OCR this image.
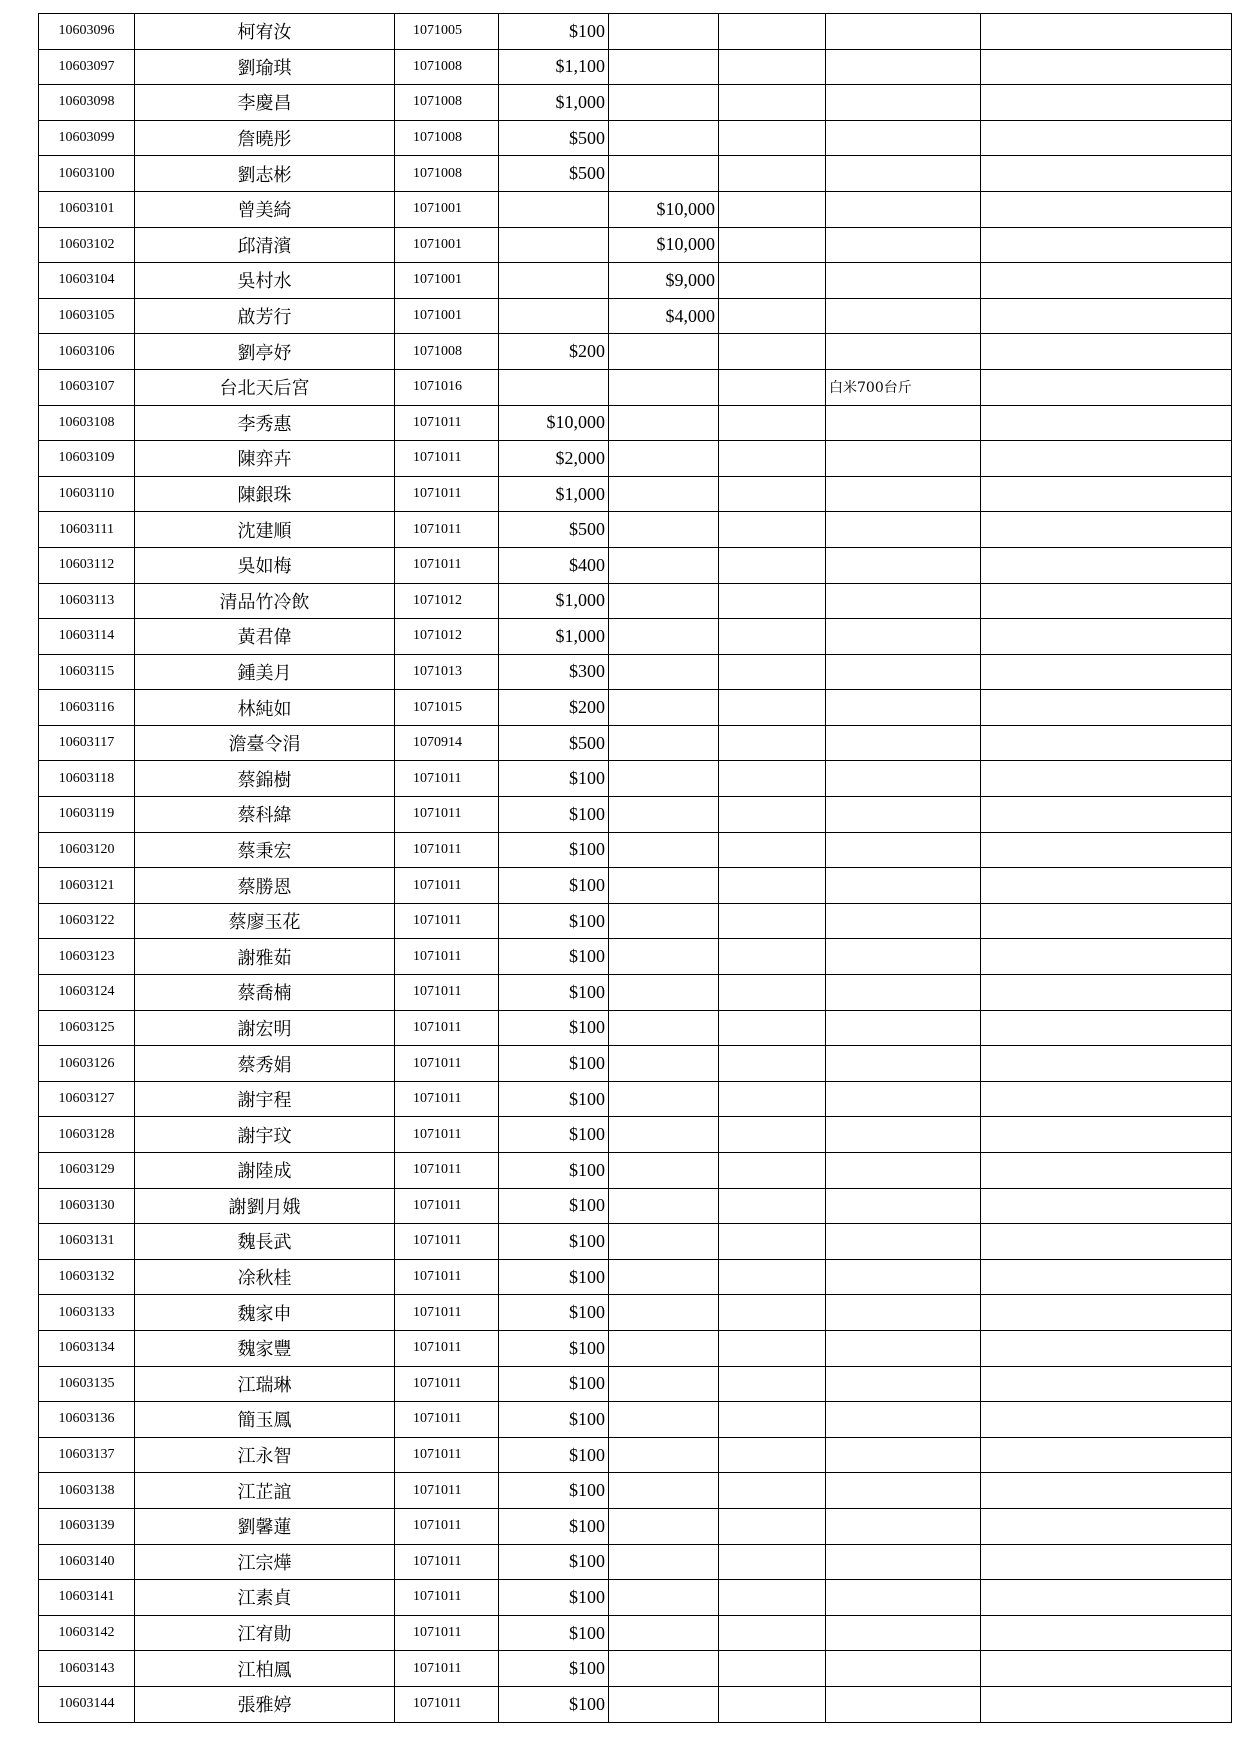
10603096	柯宥汝	1071005	$100				
10603097	劉瑜琪	1071008	$1,100				
10603098	李慶昌	1071008	$1,000				
10603099	詹曉彤	1071008	$500				
10603100	劉志彬	1071008	$500				
10603101	曾美綺	1071001		$10,000			
10603102	邱清濱	1071001		$10,000			
10603104	吳村水	1071001		$9,000			
10603105	啟芳行	1071001		$4,000			
10603106	劉亭妤	1071008	$200				
10603107	台北天后宮	1071016				白米700台斤	
10603108	李秀惠	1071011	$10,000				
10603109	陳弈卉	1071011	$2,000				
10603110	陳銀珠	1071011	$1,000				
10603111	沈建順	1071011	$500				
10603112	吳如梅	1071011	$400				
10603113	清品竹冷飲	1071012	$1,000				
10603114	黃君偉	1071012	$1,000				
10603115	鍾美月	1071013	$300				
10603116	林純如	1071015	$200				
10603117	澹臺令涓	1070914	$500				
10603118	蔡錦樹	1071011	$100				
10603119	蔡科緯	1071011	$100				
10603120	蔡秉宏	1071011	$100				
10603121	蔡勝恩	1071011	$100				
10603122	蔡廖玉花	1071011	$100				
10603123	謝雅茹	1071011	$100				
10603124	蔡喬楠	1071011	$100				
10603125	謝宏明	1071011	$100				
10603126	蔡秀娟	1071011	$100				
10603127	謝宇程	1071011	$100				
10603128	謝宇玟	1071011	$100				
10603129	謝陸成	1071011	$100				
10603130	謝劉月娥	1071011	$100				
10603131	魏長武	1071011	$100				
10603132	凃秋桂	1071011	$100				
10603133	魏家申	1071011	$100				
10603134	魏家豐	1071011	$100				
10603135	江瑞琳	1071011	$100				
10603136	簡玉鳳	1071011	$100				
10603137	江永智	1071011	$100				
10603138	江芷誼	1071011	$100				
10603139	劉馨蓮	1071011	$100				
10603140	江宗燁	1071011	$100				
10603141	江素貞	1071011	$100				
10603142	江宥勛	1071011	$100				
10603143	江柏鳳	1071011	$100				
10603144	張雅婷	1071011	$100				
